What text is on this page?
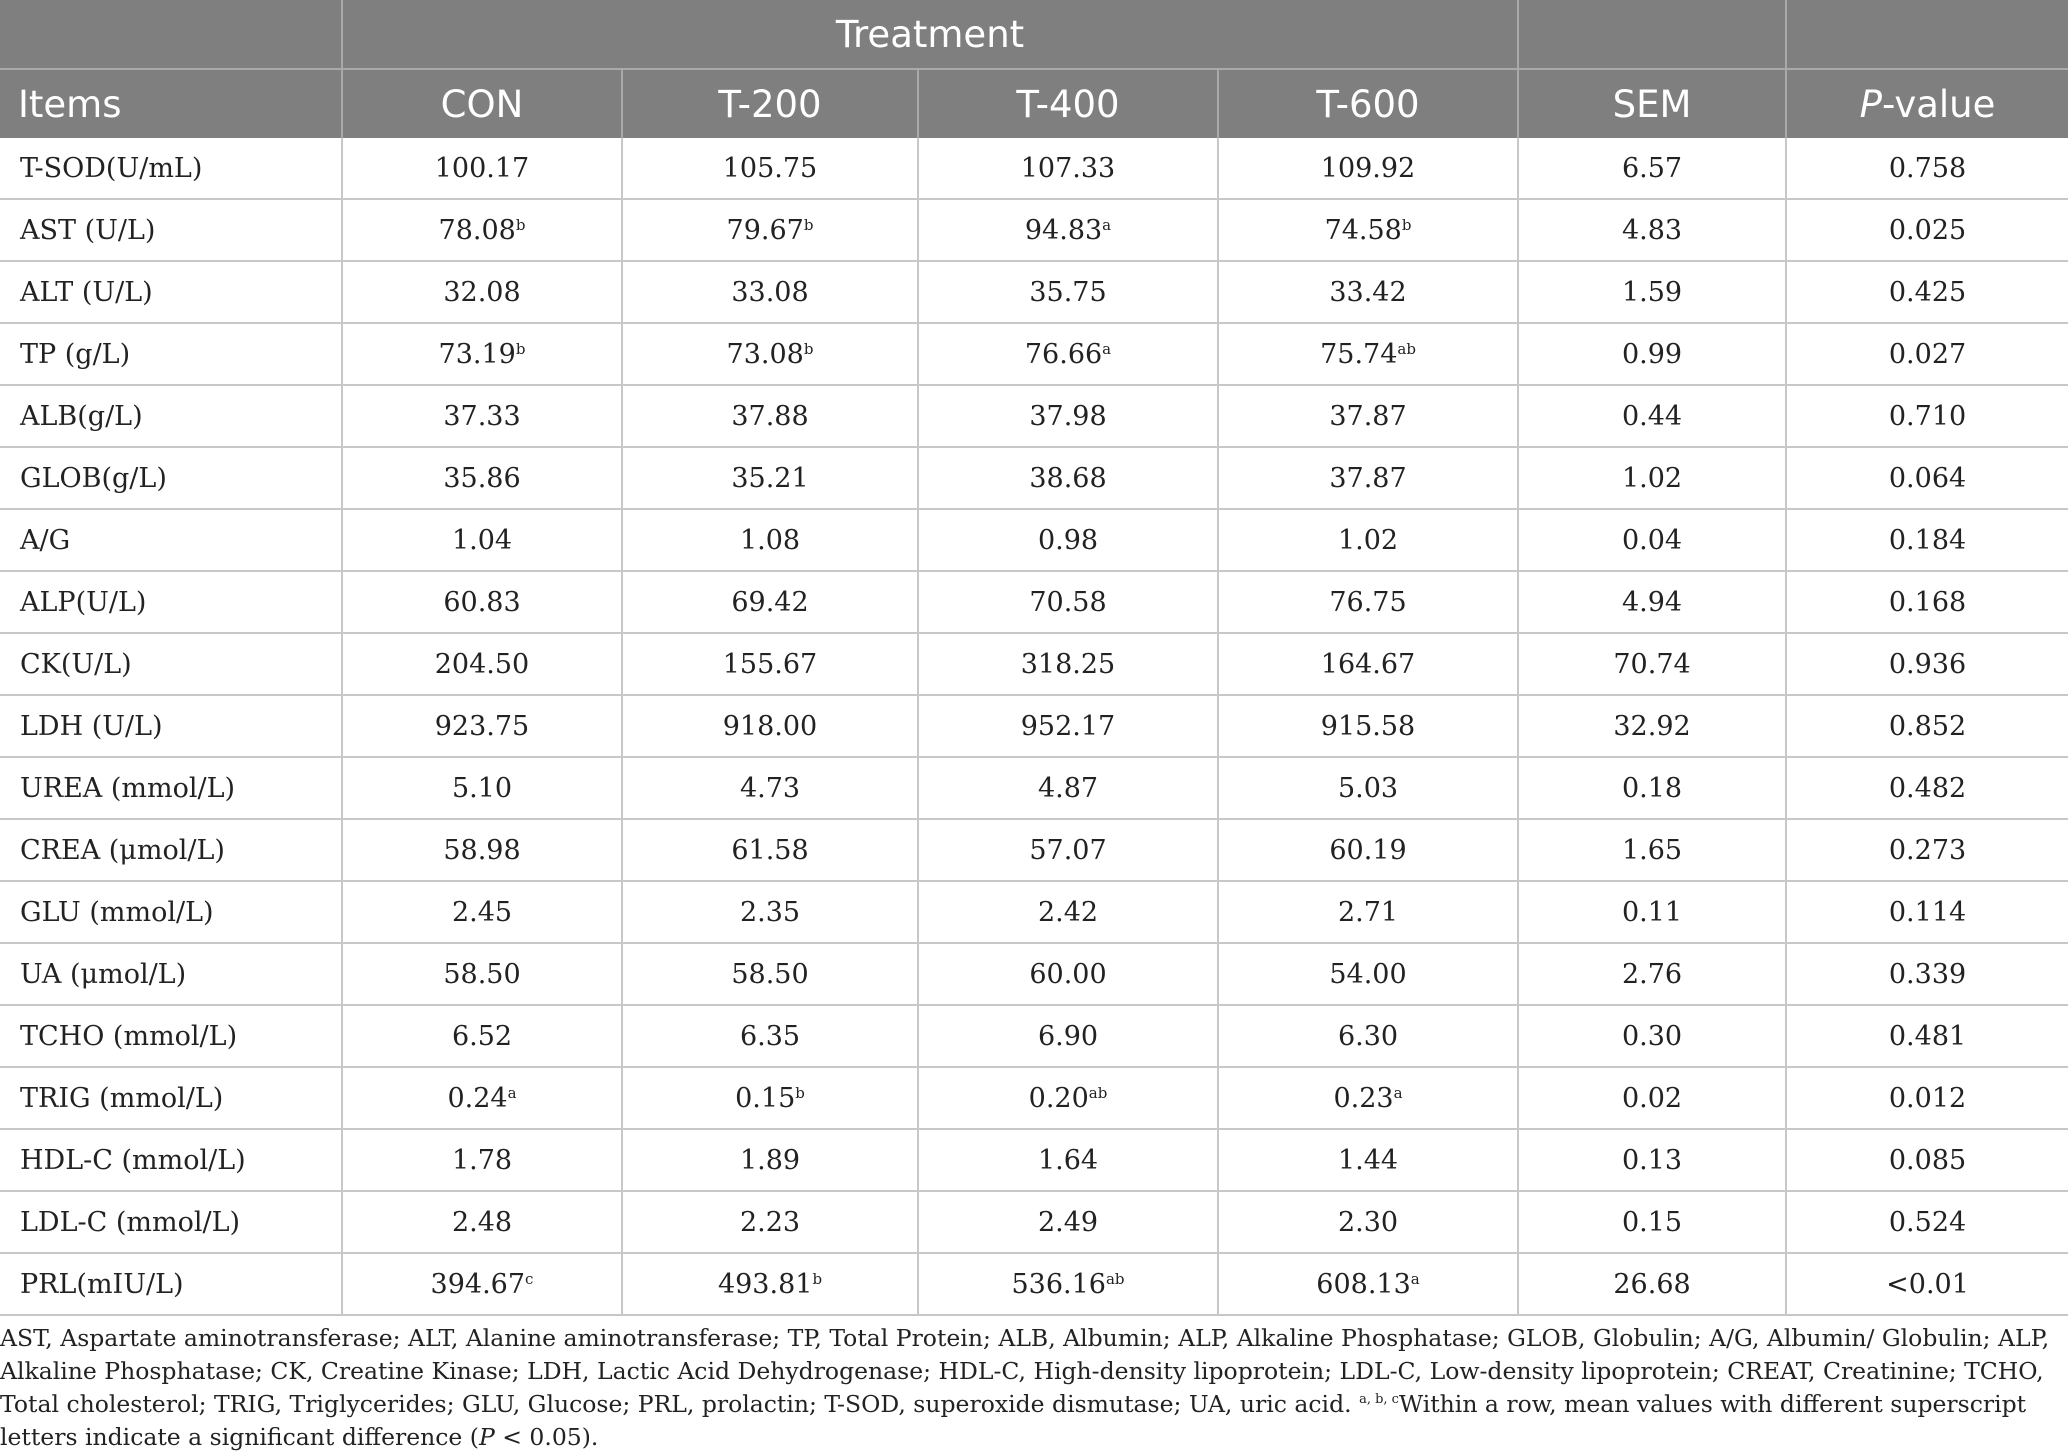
	Treatment					
Items	CON	T-200	T-400	T-600	SEM	P-value
T-SOD(U/mL)	100.17	105.75	107.33	109.92	6.57	0.758
AST (U/L)	78.08$^b$	79.67$^b$	94.83$^a$	74.58$^b$	4.83	0.025
ALT (U/L)	32.08	33.08	35.75	33.42	1.59	0.425
TP (g/L)	73.19$^b$	73.08$^b$	76.66$^a$	75.74$^{ab}$	0.99	0.027
ALB(g/L)	37.33	37.88	37.98	37.87	0.44	0.710
GLOB(g/L)	35.86	35.21	38.68	37.87	1.02	0.064
A/G	1.04	1.08	0.98	1.02	0.04	0.184
ALP(U/L)	60.83	69.42	70.58	76.75	4.94	0.168
CK(U/L)	204.50	155.67	318.25	164.67	70.74	0.936
LDH (U/L)	923.75	918.00	952.17	915.58	32.92	0.852
UREA (mmol/L)	5.10	4.73	4.87	5.03	0.18	0.482
CREA (μmol/L)	58.98	61.58	57.07	60.19	1.65	0.273
GLU (mmol/L)	2.45	2.35	2.42	2.71	0.11	0.114
UA (μmol/L)	58.50	58.50	60.00	54.00	2.76	0.339
TCHO (mmol/L)	6.52	6.35	6.90	6.30	0.30	0.481
TRIG (mmol/L)	0.24$^a$	0.15$^b$	0.20$^{ab}$	0.23$^a$	0.02	0.012
HDL-C (mmol/L)	1.78	1.89	1.64	1.44	0.13	0.085
LDL-C (mmol/L)	2.48	2.23	2.49	2.30	0.15	0.524
PRL(mIU/L)	394.67$^c$	493.81$^b$	536.16$^{ab}$	608.13$^a$	26.68	<0.01
AST, Aspartate aminotransferase; ALT, Alanine aminotransferase; TP, Total Protein; ALB, Albumin; ALP, Alkaline Phosphatase; GLOB, Globulin; A/G, Albumin/ Globulin; ALP, Alkaline Phosphatase; CK, Creatine Kinase; LDH, Lactic Acid Dehydrogenase; HDL-C, High-density lipoprotein; LDL-C, Low-density lipoprotein; CREAT, Creatinine; TCHO, Total cholesterol; TRIG, Triglycerides; GLU, Glucose; PRL, prolactin; T-SOD, superoxide dismutase; UA, uric acid. $^{a, b, c}$Within a row, mean values with different superscript letters indicate a significant difference (P < 0.05).
